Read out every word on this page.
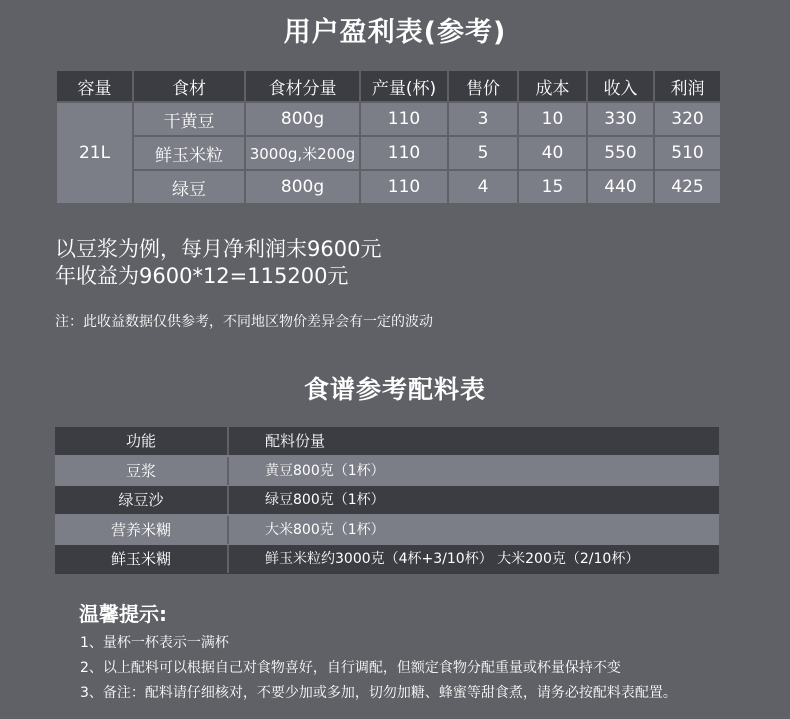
用户盈利表(参考)
容量	食材	食材分量	产量(杯)	售价	成本	收入	利润
21L	干黄豆	800g	110	3	10	330	320
	鲜玉米粒	3000g,米200g	110	5	40	550	510
	绿豆	800g	110	4	15	440	425
以豆浆为例，每月净利润末9600元
年收益为9600*12=115200元
注：此收益数据仅供参考，不同地区物价差异会有一定的波动
食谱参考配料表
功能	配料份量
豆浆	黄豆800克（1杯）
绿豆沙	绿豆800克（1杯）
营养米糊	大米800克（1杯）
鲜玉米糊	鲜玉米粒约3000克（4杯+3/10杯） 大米200克（2/10杯）
温馨提示:
1、量杯一杯表示一满杯
2、以上配料可以根据自己对食物喜好，自行调配，但额定食物分配重量或杯量保持不变
3、备注：配料请仔细核对，不要少加或多加，切勿加糖、蜂蜜等甜食煮，请务必按配料表配置。
